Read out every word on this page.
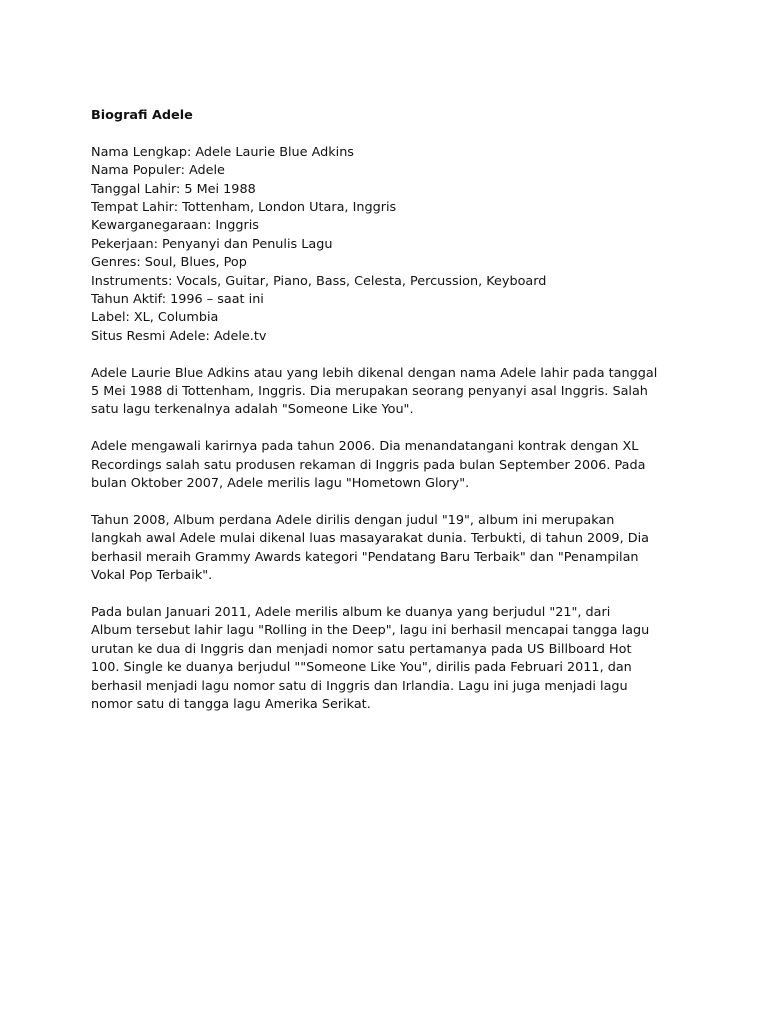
Biografi Adele
Nama Lengkap: Adele Laurie Blue Adkins
Nama Populer: Adele
Tanggal Lahir: 5 Mei 1988
Tempat Lahir: Tottenham, London Utara, Inggris
Kewarganegaraan: Inggris
Pekerjaan: Penyanyi dan Penulis Lagu
Genres: Soul, Blues, Pop
Instruments: Vocals, Guitar, Piano, Bass, Celesta, Percussion, Keyboard
Tahun Aktif: 1996 – saat ini
Label: XL, Columbia
Situs Resmi Adele: Adele.tv

Adele Laurie Blue Adkins atau yang lebih dikenal dengan nama Adele lahir pada tanggal
5 Mei 1988 di Tottenham, Inggris. Dia merupakan seorang penyanyi asal Inggris. Salah
satu lagu terkenalnya adalah "Someone Like You".

Adele mengawali karirnya pada tahun 2006. Dia menandatangani kontrak dengan XL
Recordings salah satu produsen rekaman di Inggris pada bulan September 2006. Pada
bulan Oktober 2007, Adele merilis lagu "Hometown Glory".

Tahun 2008, Album perdana Adele dirilis dengan judul "19", album ini merupakan
langkah awal Adele mulai dikenal luas masayarakat dunia. Terbukti, di tahun 2009, Dia
berhasil meraih Grammy Awards kategori "Pendatang Baru Terbaik" dan "Penampilan
Vokal Pop Terbaik".

Pada bulan Januari 2011, Adele merilis album ke duanya yang berjudul "21", dari
Album tersebut lahir lagu "Rolling in the Deep", lagu ini berhasil mencapai tangga lagu
urutan ke dua di Inggris dan menjadi nomor satu pertamanya pada US Billboard Hot
100. Single ke duanya berjudul ""Someone Like You", dirilis pada Februari 2011, dan
berhasil menjadi lagu nomor satu di Inggris dan Irlandia. Lagu ini juga menjadi lagu
nomor satu di tangga lagu Amerika Serikat.
